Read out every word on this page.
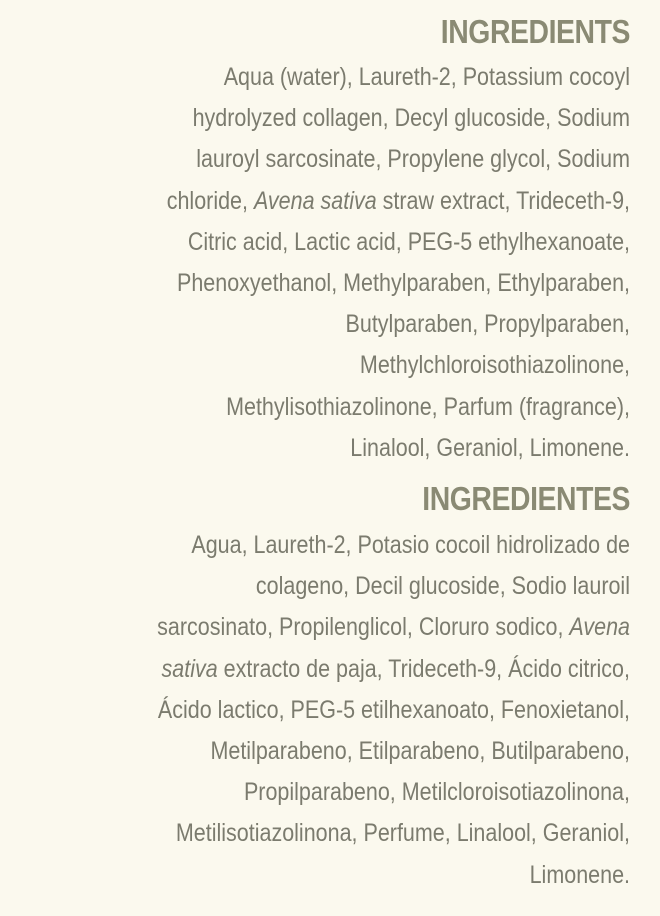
INGREDIENTS
Aqua (water), Laureth-2, Potassium cocoyl
hydrolyzed collagen, Decyl glucoside, Sodium
lauroyl sarcosinate, Propylene glycol, Sodium
chloride, Avena sativa straw extract, Trideceth-9,
Citric acid, Lactic acid, PEG-5 ethylhexanoate,
Phenoxyethanol, Methylparaben, Ethylparaben,
Butylparaben, Propylparaben,
Methylchloroisothiazolinone,
Methylisothiazolinone, Parfum (fragrance),
Linalool, Geraniol, Limonene.
INGREDIENTES
Agua, Laureth-2, Potasio cocoil hidrolizado de
colageno, Decil glucoside, Sodio lauroil
sarcosinato, Propilenglicol, Cloruro sodico, Avena
sativa extracto de paja, Trideceth-9, Ácido citrico,
Ácido lactico, PEG-5 etilhexanoato, Fenoxietanol,
Metilparabeno, Etilparabeno, Butilparabeno,
Propilparabeno, Metilcloroisotiazolinona,
Metilisotiazolinona, Perfume, Linalool, Geraniol,
Limonene.
